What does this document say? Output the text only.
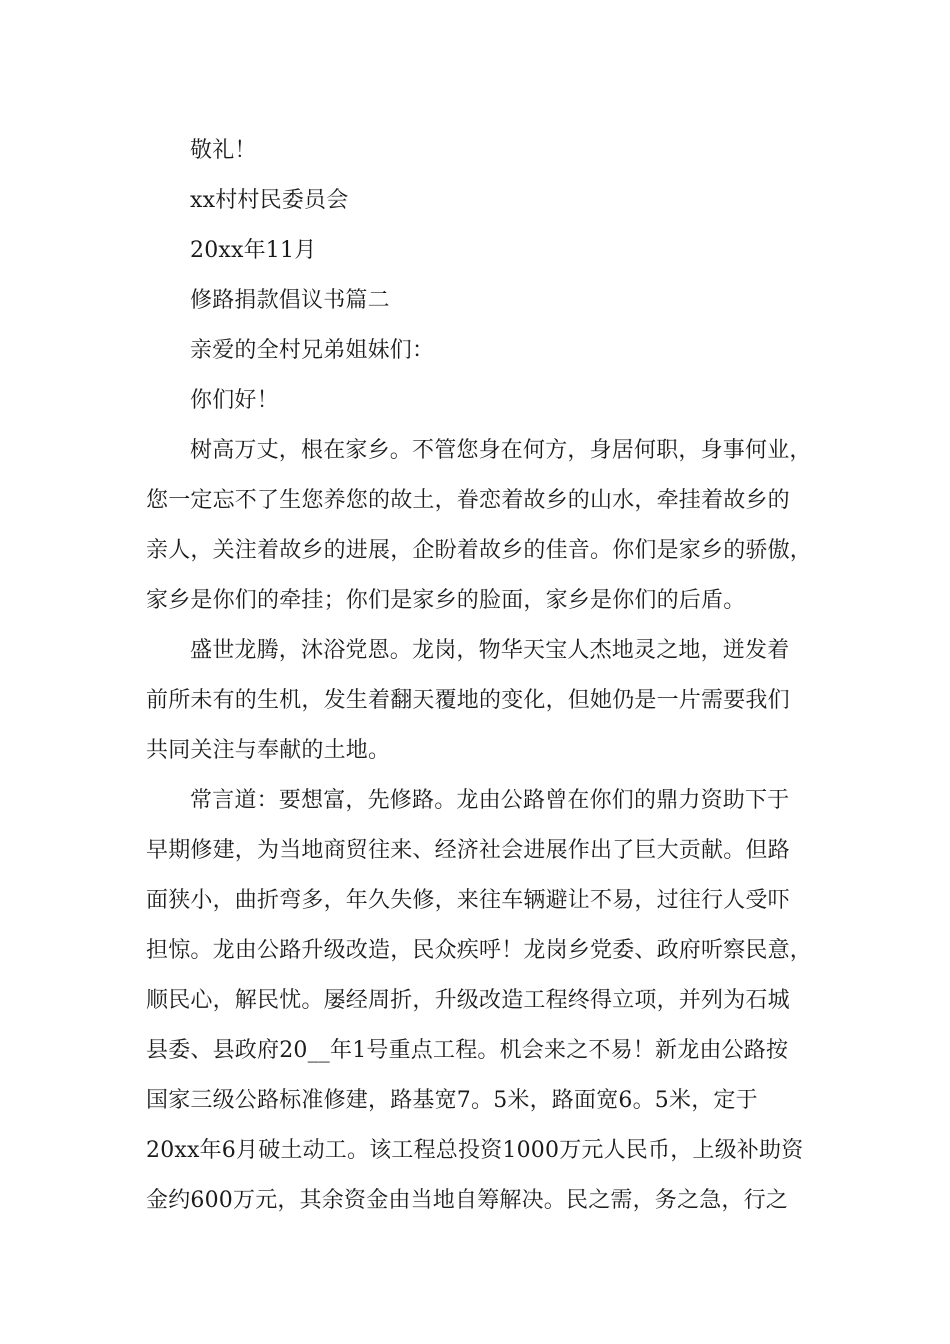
敬礼！
xx村村民委员会
20xx年11月
修路捐款倡议书篇二
亲爱的全村兄弟姐妹们：
你们好！
树高万丈，根在家乡。不管您身在何方，身居何职，身事何业，
您一定忘不了生您养您的故土，眷恋着故乡的山水，牵挂着故乡的
亲人，关注着故乡的进展，企盼着故乡的佳音。你们是家乡的骄傲，
家乡是你们的牵挂；你们是家乡的脸面，家乡是你们的后盾。
盛世龙腾，沐浴党恩。龙岗，物华天宝人杰地灵之地，迸发着
前所未有的生机，发生着翻天覆地的变化，但她仍是一片需要我们
共同关注与奉献的土地。
常言道：要想富，先修路。龙由公路曾在你们的鼎力资助下于
早期修建，为当地商贸往来、经济社会进展作出了巨大贡献。但路
面狭小，曲折弯多，年久失修，来往车辆避让不易，过往行人受吓
担惊。龙由公路升级改造，民众疾呼！龙岗乡党委、政府听察民意，
顺民心，解民忧。屡经周折，升级改造工程终得立项，并列为石城
县委、县政府20__年1号重点工程。机会来之不易！新龙由公路按
国家三级公路标准修建，路基宽7。5米，路面宽6。5米，定于
20xx年6月破土动工。该工程总投资1000万元人民币，上级补助资
金约600万元，其余资金由当地自筹解决。民之需，务之急，行之
